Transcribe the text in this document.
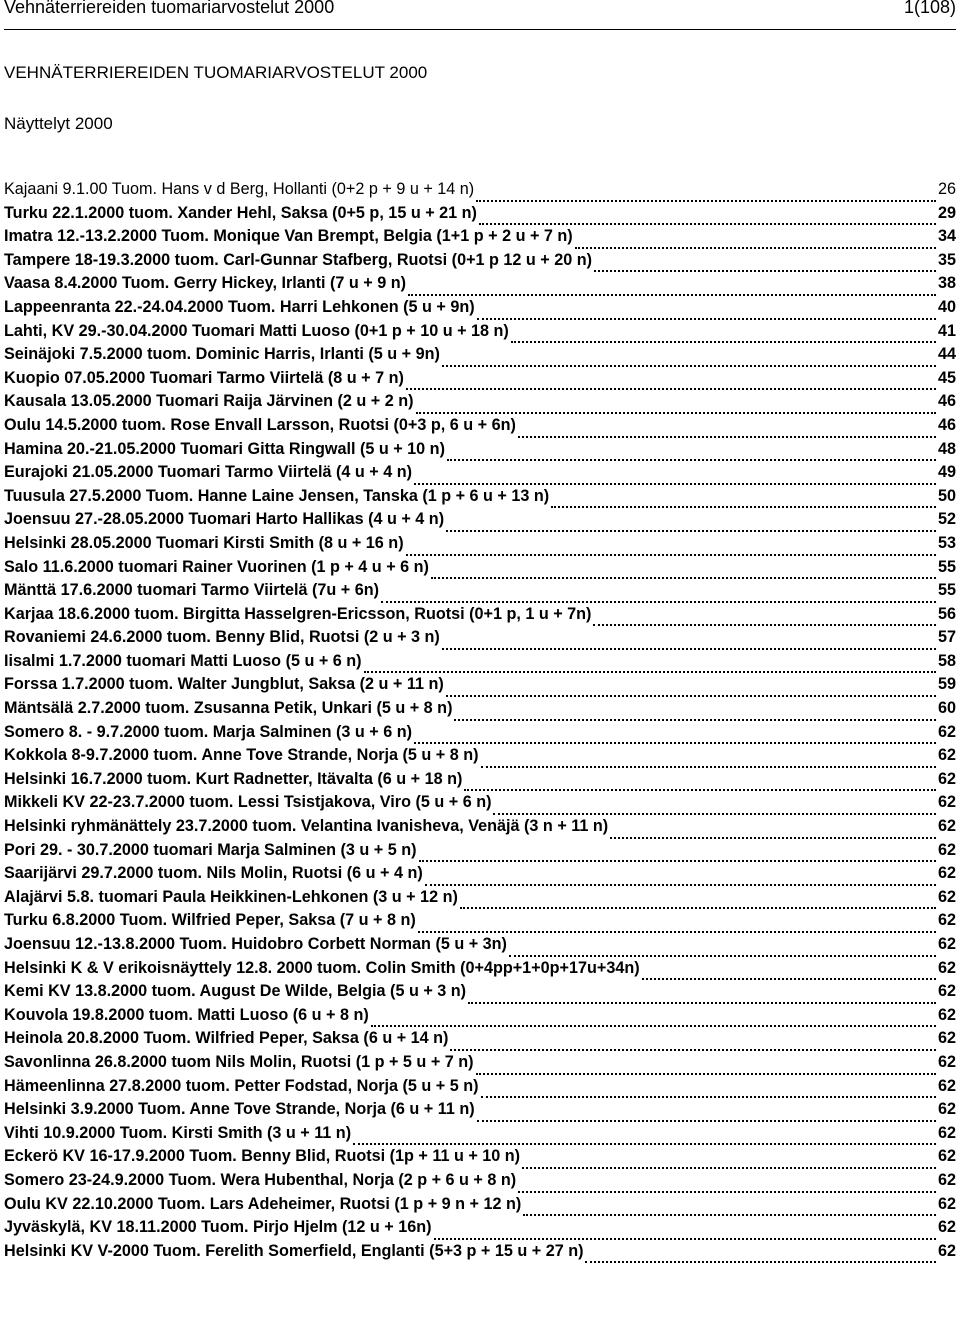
Vehnäterriereiden tuomariarvostelut 2000	1(108)
VEHNÄTERRIEREIDEN TUOMARIARVOSTELUT 2000
Näyttelyt 2000
Kajaani 9.1.00 Tuom. Hans v d Berg, Hollanti (0+2 p + 9 u + 14 n)	26
Turku 22.1.2000 tuom. Xander Hehl, Saksa (0+5 p, 15 u + 21 n)	29
Imatra 12.-13.2.2000 Tuom. Monique Van Brempt, Belgia (1+1 p + 2 u + 7 n)	34
Tampere 18-19.3.2000 tuom. Carl-Gunnar Stafberg, Ruotsi (0+1 p 12 u + 20 n)	35
Vaasa 8.4.2000 Tuom. Gerry Hickey, Irlanti (7 u + 9 n)	38
Lappeenranta 22.-24.04.2000 Tuom. Harri Lehkonen (5 u + 9n)	40
Lahti, KV 29.-30.04.2000 Tuomari Matti Luoso (0+1 p + 10 u + 18 n)	41
Seinäjoki 7.5.2000 tuom. Dominic Harris, Irlanti (5 u + 9n)	44
Kuopio 07.05.2000 Tuomari Tarmo Viirtelä (8 u + 7 n)	45
Kausala 13.05.2000 Tuomari Raija Järvinen (2 u + 2 n)	46
Oulu 14.5.2000 tuom. Rose Envall Larsson, Ruotsi (0+3 p, 6 u + 6n)	46
Hamina 20.-21.05.2000 Tuomari Gitta Ringwall (5 u + 10 n)	48
Eurajoki 21.05.2000 Tuomari Tarmo Viirtelä (4 u + 4 n)	49
Tuusula 27.5.2000 Tuom. Hanne Laine Jensen, Tanska (1 p + 6 u + 13 n)	50
Joensuu 27.-28.05.2000 Tuomari Harto Hallikas (4 u + 4 n)	52
Helsinki 28.05.2000 Tuomari Kirsti Smith (8 u + 16 n)	53
Salo 11.6.2000 tuomari Rainer Vuorinen (1 p + 4 u + 6 n)	55
Mänttä 17.6.2000 tuomari Tarmo Viirtelä (7u + 6n)	55
Karjaa 18.6.2000 tuom. Birgitta Hasselgren-Ericsson, Ruotsi (0+1 p, 1 u + 7n)	56
Rovaniemi 24.6.2000 tuom. Benny Blid, Ruotsi (2 u + 3 n)	57
Iisalmi 1.7.2000 tuomari Matti Luoso (5 u + 6 n)	58
Forssa 1.7.2000 tuom. Walter Jungblut, Saksa (2 u + 11 n)	59
Mäntsälä 2.7.2000 tuom. Zsusanna Petik, Unkari (5 u + 8 n)	60
Somero 8. - 9.7.2000 tuom. Marja Salminen (3 u + 6 n)	62
Kokkola 8-9.7.2000 tuom. Anne Tove Strande, Norja (5 u + 8 n)	62
Helsinki 16.7.2000 tuom. Kurt Radnetter, Itävalta (6 u + 18 n)	62
Mikkeli KV 22-23.7.2000 tuom. Lessi Tsistjakova, Viro (5 u + 6 n)	62
Helsinki ryhmänättely 23.7.2000 tuom. Velantina Ivanisheva, Venäjä (3 n + 11 n)	62
Pori 29. - 30.7.2000 tuomari Marja Salminen (3 u + 5 n)	62
Saarijärvi 29.7.2000 tuom. Nils Molin, Ruotsi (6 u + 4 n)	62
Alajärvi 5.8. tuomari Paula Heikkinen-Lehkonen (3 u + 12 n)	62
Turku 6.8.2000 Tuom. Wilfried Peper, Saksa (7 u + 8 n)	62
Joensuu 12.-13.8.2000 Tuom. Huidobro Corbett Norman (5 u + 3n)	62
Helsinki K & V erikoisnäyttely 12.8. 2000 tuom. Colin Smith (0+4pp+1+0p+17u+34n)	62
Kemi KV 13.8.2000 tuom. August De Wilde, Belgia (5 u + 3 n)	62
Kouvola 19.8.2000 tuom. Matti Luoso (6 u + 8 n)	62
Heinola 20.8.2000 Tuom. Wilfried Peper, Saksa (6 u + 14 n)	62
Savonlinna 26.8.2000 tuom Nils Molin, Ruotsi (1 p + 5 u + 7 n)	62
Hämeenlinna 27.8.2000 tuom. Petter Fodstad, Norja (5 u + 5 n)	62
Helsinki 3.9.2000 Tuom. Anne Tove Strande, Norja (6 u + 11 n)	62
Vihti 10.9.2000 Tuom. Kirsti Smith (3 u + 11 n)	62
Eckerö KV 16-17.9.2000 Tuom. Benny Blid, Ruotsi (1p + 11 u + 10 n)	62
Somero 23-24.9.2000 Tuom. Wera Hubenthal, Norja (2 p + 6 u + 8 n)	62
Oulu KV 22.10.2000 Tuom. Lars Adeheimer, Ruotsi (1 p + 9 n + 12 n)	62
Jyväskylä, KV 18.11.2000 Tuom. Pirjo Hjelm (12 u + 16n)	62
Helsinki KV V-2000 Tuom. Ferelith Somerfield, Englanti (5+3 p + 15 u + 27 n)	62
